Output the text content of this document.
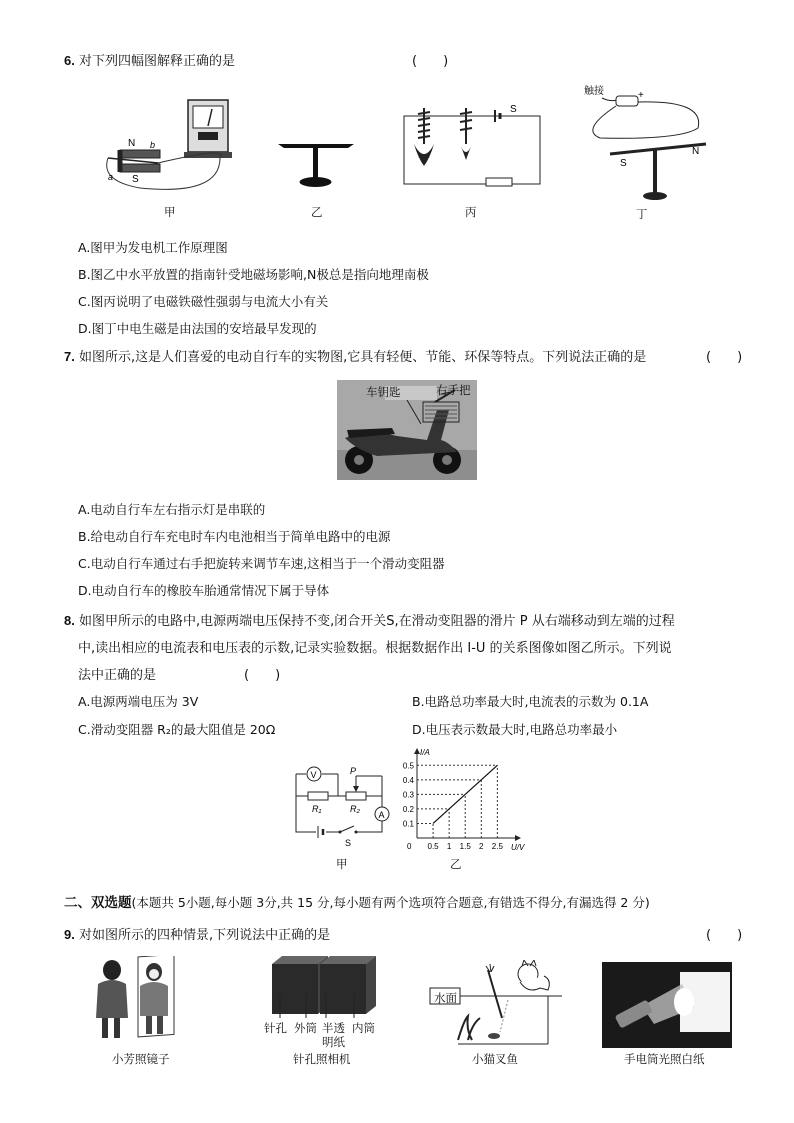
6. 对下列四幅图解释正确的是	(　　)
N
S
a
b
甲	乙
S
丙
触接	+
S
N
丁
A.图甲为发电机工作原理图
B.图乙中水平放置的指南针受地磁场影响,N极总是指向地理南极
C.图丙说明了电磁铁磁性强弱与电流大小有关
D.图丁中电生磁是由法国的安培最早发现的
7. 如图所示,这是人们喜爱的电动自行车的实物图,它具有轻便、节能、环保等特点。下列说法正确的是	(　　)
车钥匙	右手把
A.电动自行车左右指示灯是串联的
B.给电动自行车充电时车内电池相当于简单电路中的电源
C.电动自行车通过右手把旋转来调节车速,这相当于一个滑动变阻器
D.电动自行车的橡胶车胎通常情况下属于导体
8. 如图甲所示的电路中,电源两端电压保持不变,闭合开关S,在滑动变阻器的滑片 P 从右端移动到左端的过程
中,读出相应的电流表和电压表的示数,记录实验数据。根据数据作出 I-U 的关系图像如图乙所示。下列说
法中正确的是	(　　)
A.电源两端电压为 3V	B.电路总功率最大时,电流表的示数为 0.1A
C.滑动变阻器 R₂的最大阻值是 20Ω	D.电压表示数最大时,电路总功率最小
V
R₁	R₂
P
A
S
甲
0.1
0.2
0.3
0.4
0.5
0.5 1 1.5 2 2.5
0
I/A
U/V
乙
二、双选题(本题共 5小题,每小题 3分,共 15 分,每小题有两个选项符合题意,有错选不得分,有漏选得 2 分)
9. 对如图所示的四种情景,下列说法中正确的是	(　　)
小芳照镜子
针孔 外筒 半透 内筒
明纸
针孔照相机
水面
小猫叉鱼	手电筒光照白纸
